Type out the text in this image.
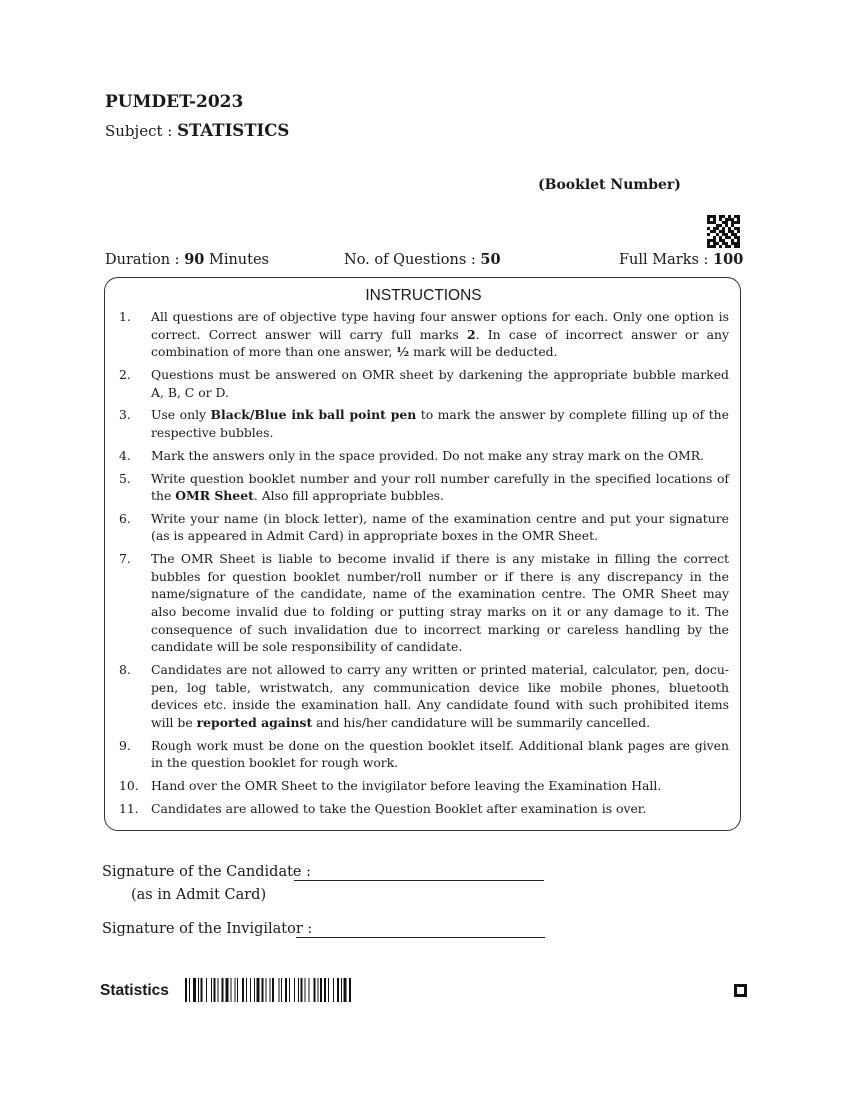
PUMDET-2023
Subject : STATISTICS
(Booklet Number)
Duration : 90 Minutes	No. of Questions : 50	Full Marks : 100
INSTRUCTIONS
1. All questions are of objective type having four answer options for each. Only one option is correct. Correct answer will carry full marks 2. In case of incorrect answer or any combination of more than one answer, ½ mark will be deducted.
2. Questions must be answered on OMR sheet by darkening the appropriate bubble marked A, B, C or D.
3. Use only Black/Blue ink ball point pen to mark the answer by complete filling up of the respective bubbles.
4. Mark the answers only in the space provided. Do not make any stray mark on the OMR.
5. Write question booklet number and your roll number carefully in the specified locations of the OMR Sheet. Also fill appropriate bubbles.
6. Write your name (in block letter), name of the examination centre and put your signature (as is appeared in Admit Card) in appropriate boxes in the OMR Sheet.
7. The OMR Sheet is liable to become invalid if there is any mistake in filling the correct bubbles for question booklet number/roll number or if there is any discrepancy in the name/signature of the candidate, name of the examination centre. The OMR Sheet may also become invalid due to folding or putting stray marks on it or any damage to it. The consequence of such invalidation due to incorrect marking or careless handling by the candidate will be sole responsibility of candidate.
8. Candidates are not allowed to carry any written or printed material, calculator, pen, docu-pen, log table, wristwatch, any communication device like mobile phones, bluetooth devices etc. inside the examination hall. Any candidate found with such prohibited items will be reported against and his/her candidature will be summarily cancelled.
9. Rough work must be done on the question booklet itself. Additional blank pages are given in the question booklet for rough work.
10. Hand over the OMR Sheet to the invigilator before leaving the Examination Hall.
11. Candidates are allowed to take the Question Booklet after examination is over.
Signature of the Candidate :
(as in Admit Card)
Signature of the Invigilator :
Statistics
